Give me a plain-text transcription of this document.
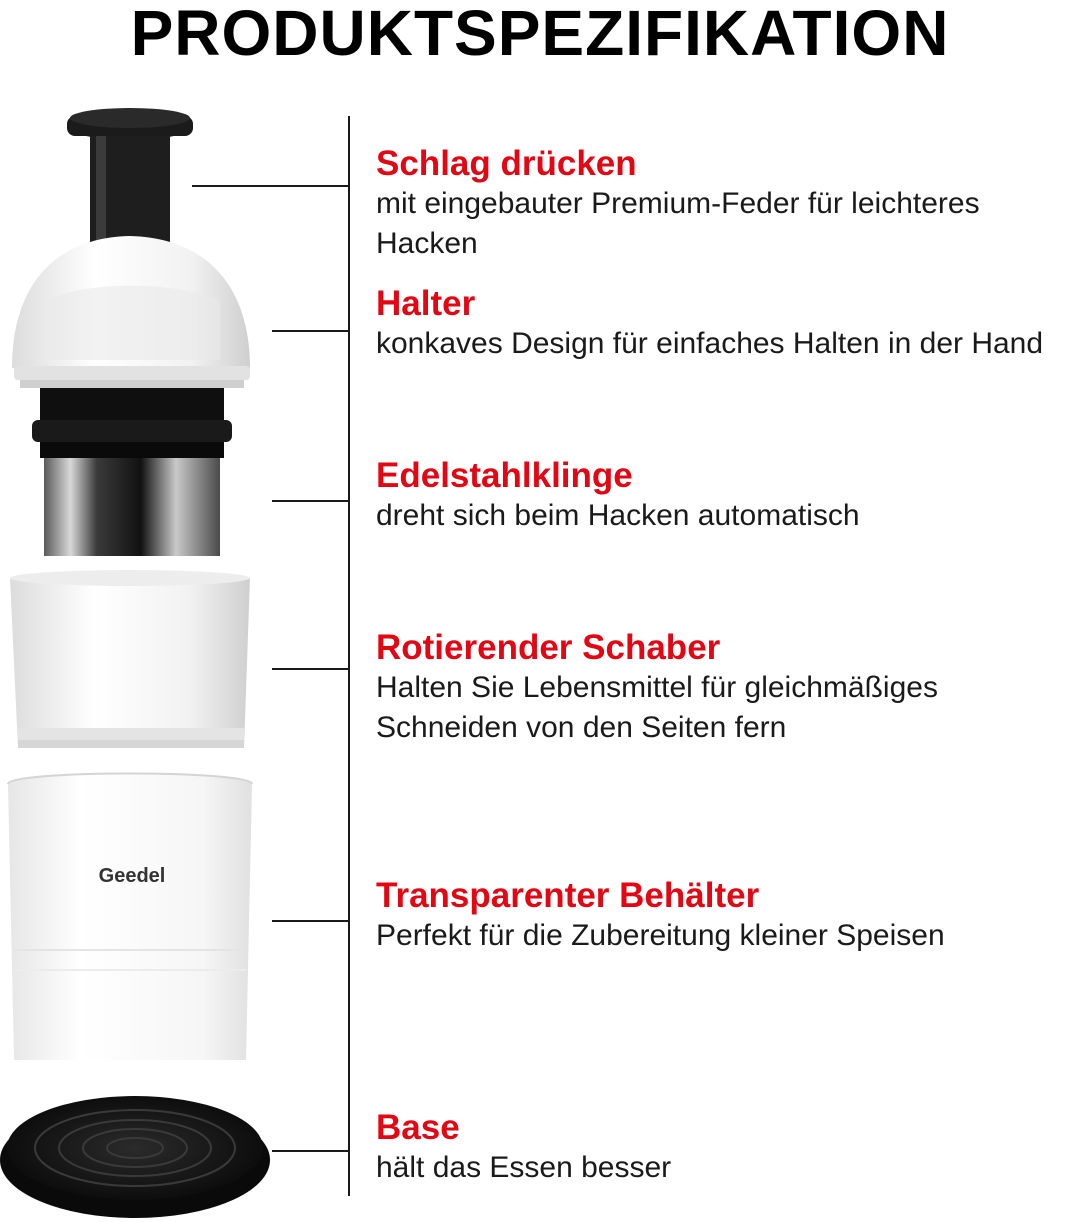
PRODUKTSPEZIFIKATION
Geedel

Schlag drücken

mit eingebauter Premium-Feder für leichteres Hacken

Halter

konkaves Design für einfaches Halten in der Hand

Edelstahlklinge

dreht sich beim Hacken automatisch

Rotierender Schaber

Halten Sie Lebensmittel für gleichmäßiges Schneiden von den Seiten fern

Transparenter Behälter

Perfekt für die Zubereitung kleiner Speisen

Base

hält das Essen besser
